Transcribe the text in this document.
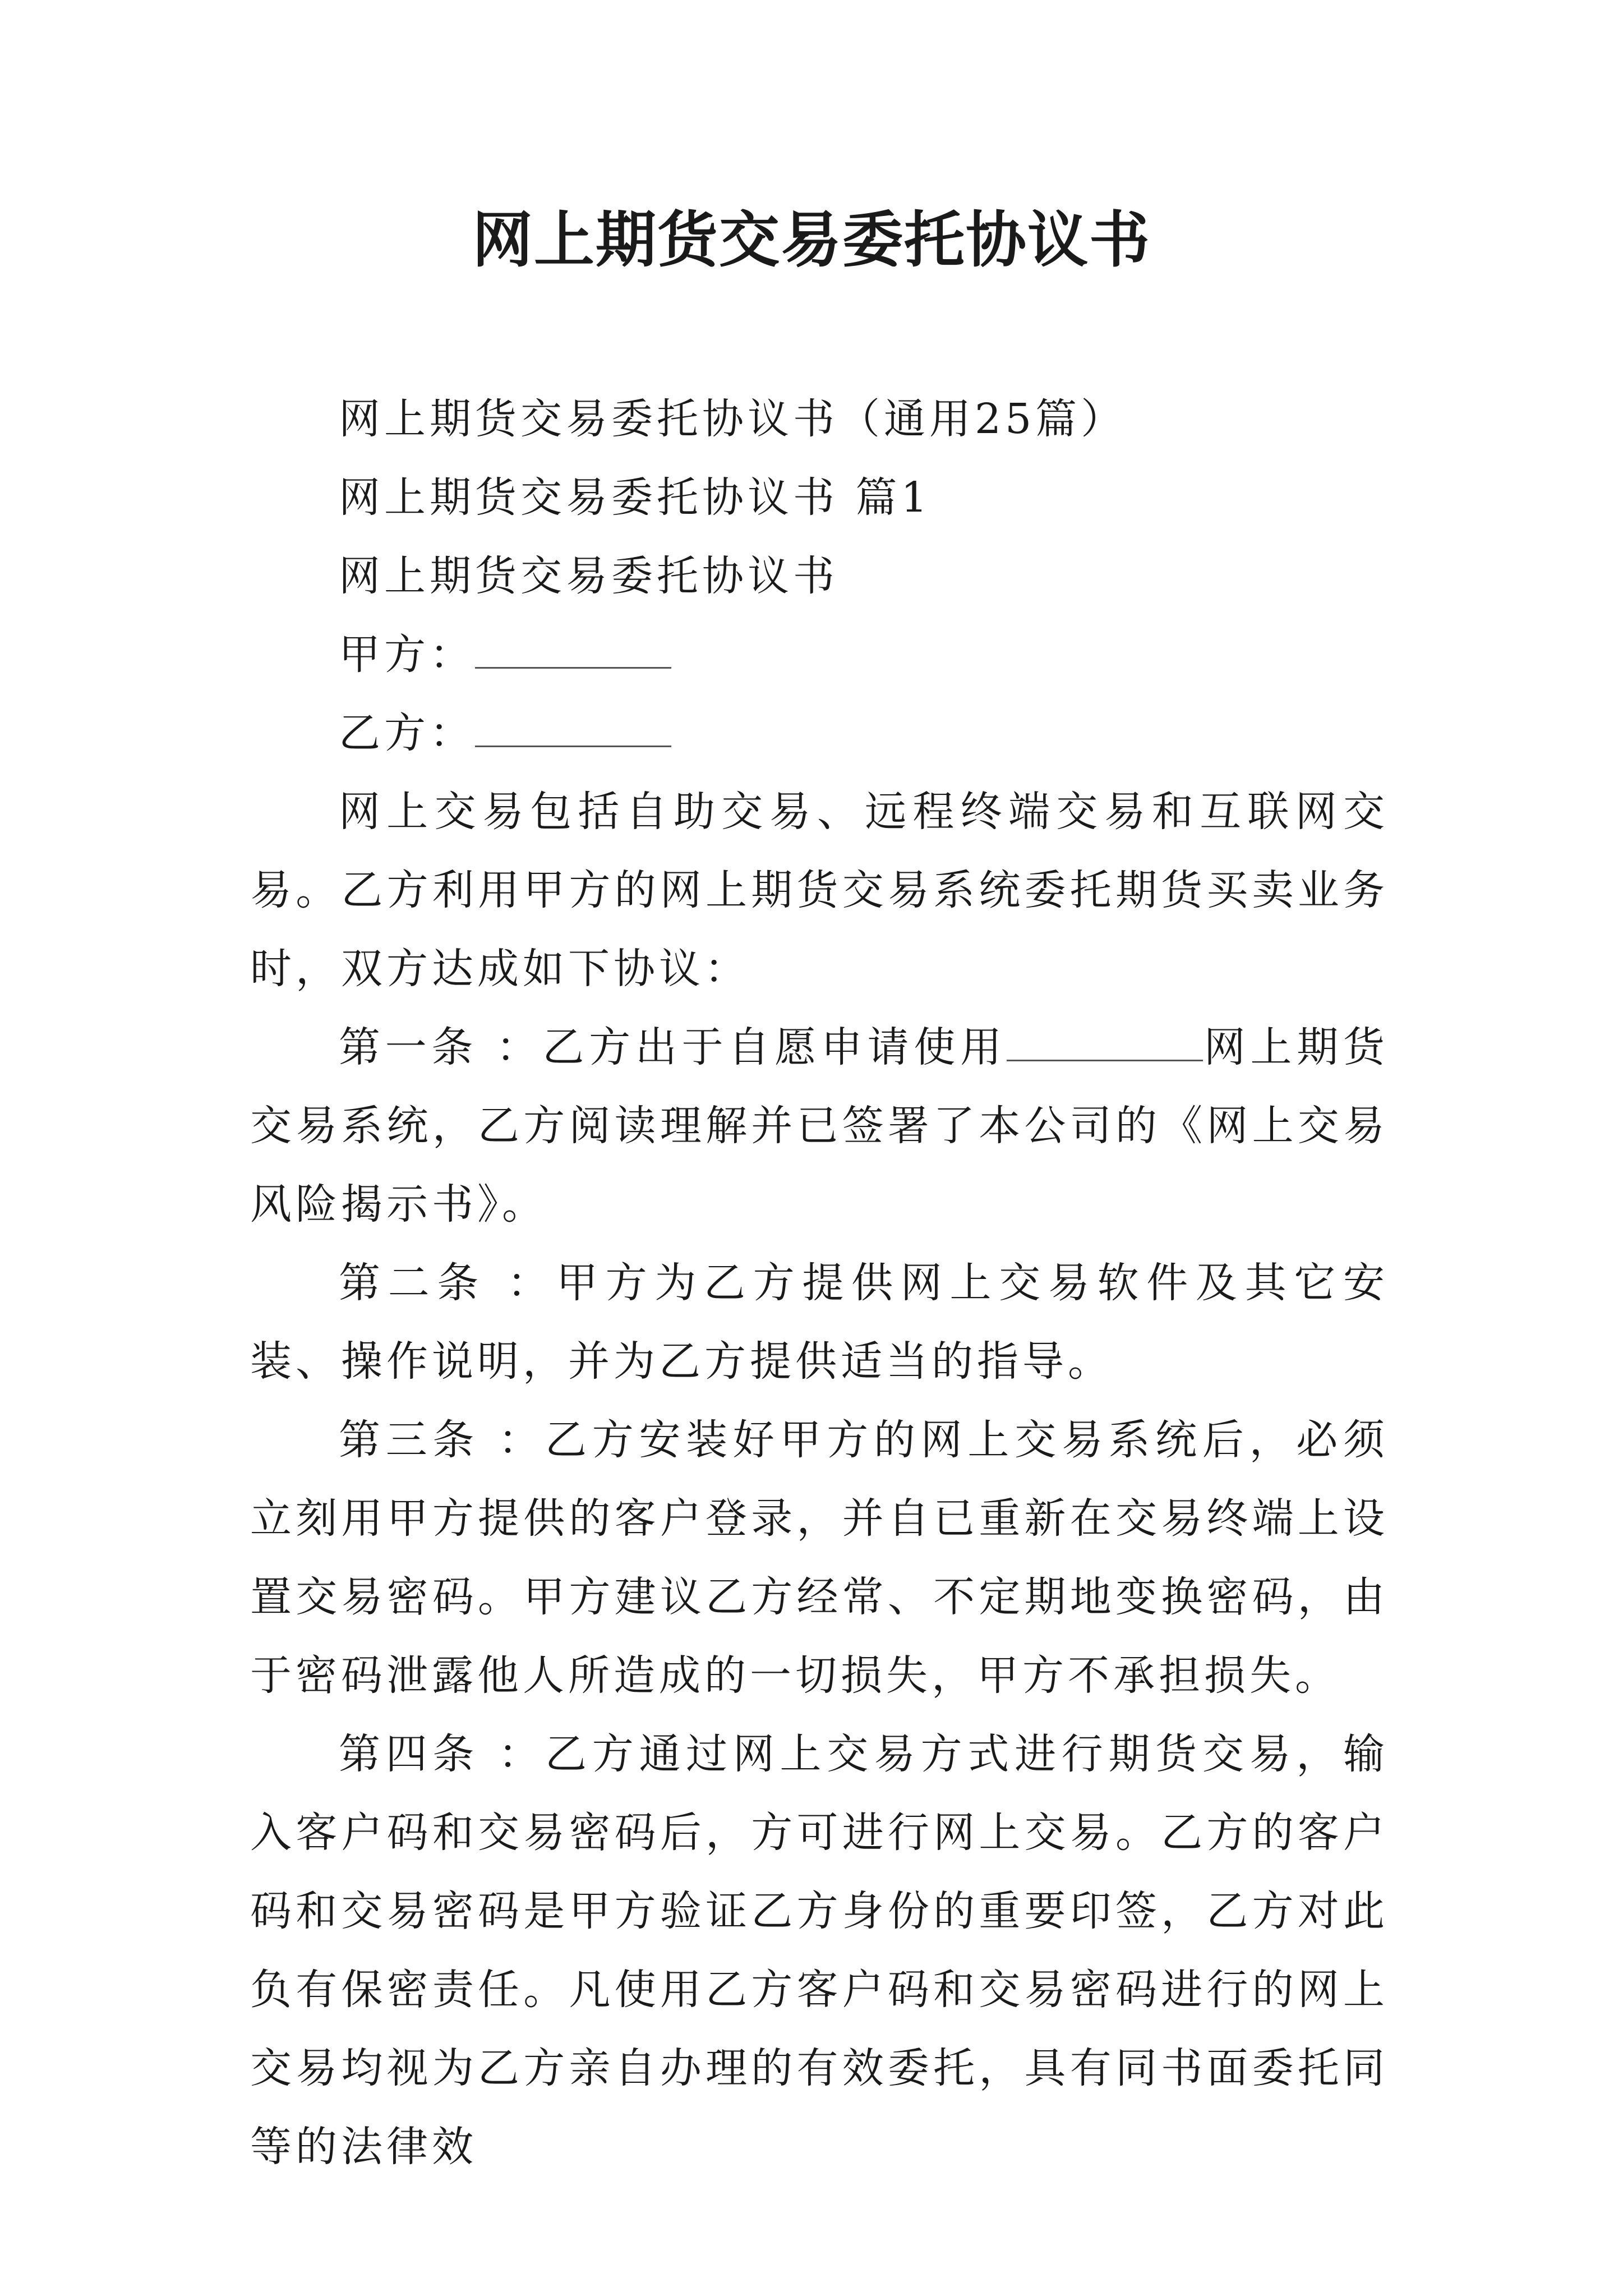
网上期货交易委托协议书

网上期货交易委托协议书（通用25篇）

网上期货交易委托协议书 篇1

网上期货交易委托协议书

甲方：

乙方：

网上交易包括自助交易、远程终端交易和互联网交易。乙方利用甲方的网上期货交易系统委托期货买卖业务时，双方达成如下协议：

第一条 ：乙方出于自愿申请使用	网上期货交易系统，乙方阅读理解并已签署了本公司的《网上交易风险揭示书》。

第二条 ：甲方为乙方提供网上交易软件及其它安装、操作说明，并为乙方提供适当的指导。

第三条 ：乙方安装好甲方的网上交易系统后，必须立刻用甲方提供的客户登录，并自已重新在交易终端上设置交易密码。甲方建议乙方经常、不定期地变换密码，由于密码泄露他人所造成的一切损失，甲方不承担损失。

第四条 ：乙方通过网上交易方式进行期货交易，输入客户码和交易密码后，方可进行网上交易。乙方的客户码和交易密码是甲方验证乙方身份的重要印签，乙方对此负有保密责任。凡使用乙方客户码和交易密码进行的网上交易均视为乙方亲自办理的有效委托，具有同书面委托同等的法律效
